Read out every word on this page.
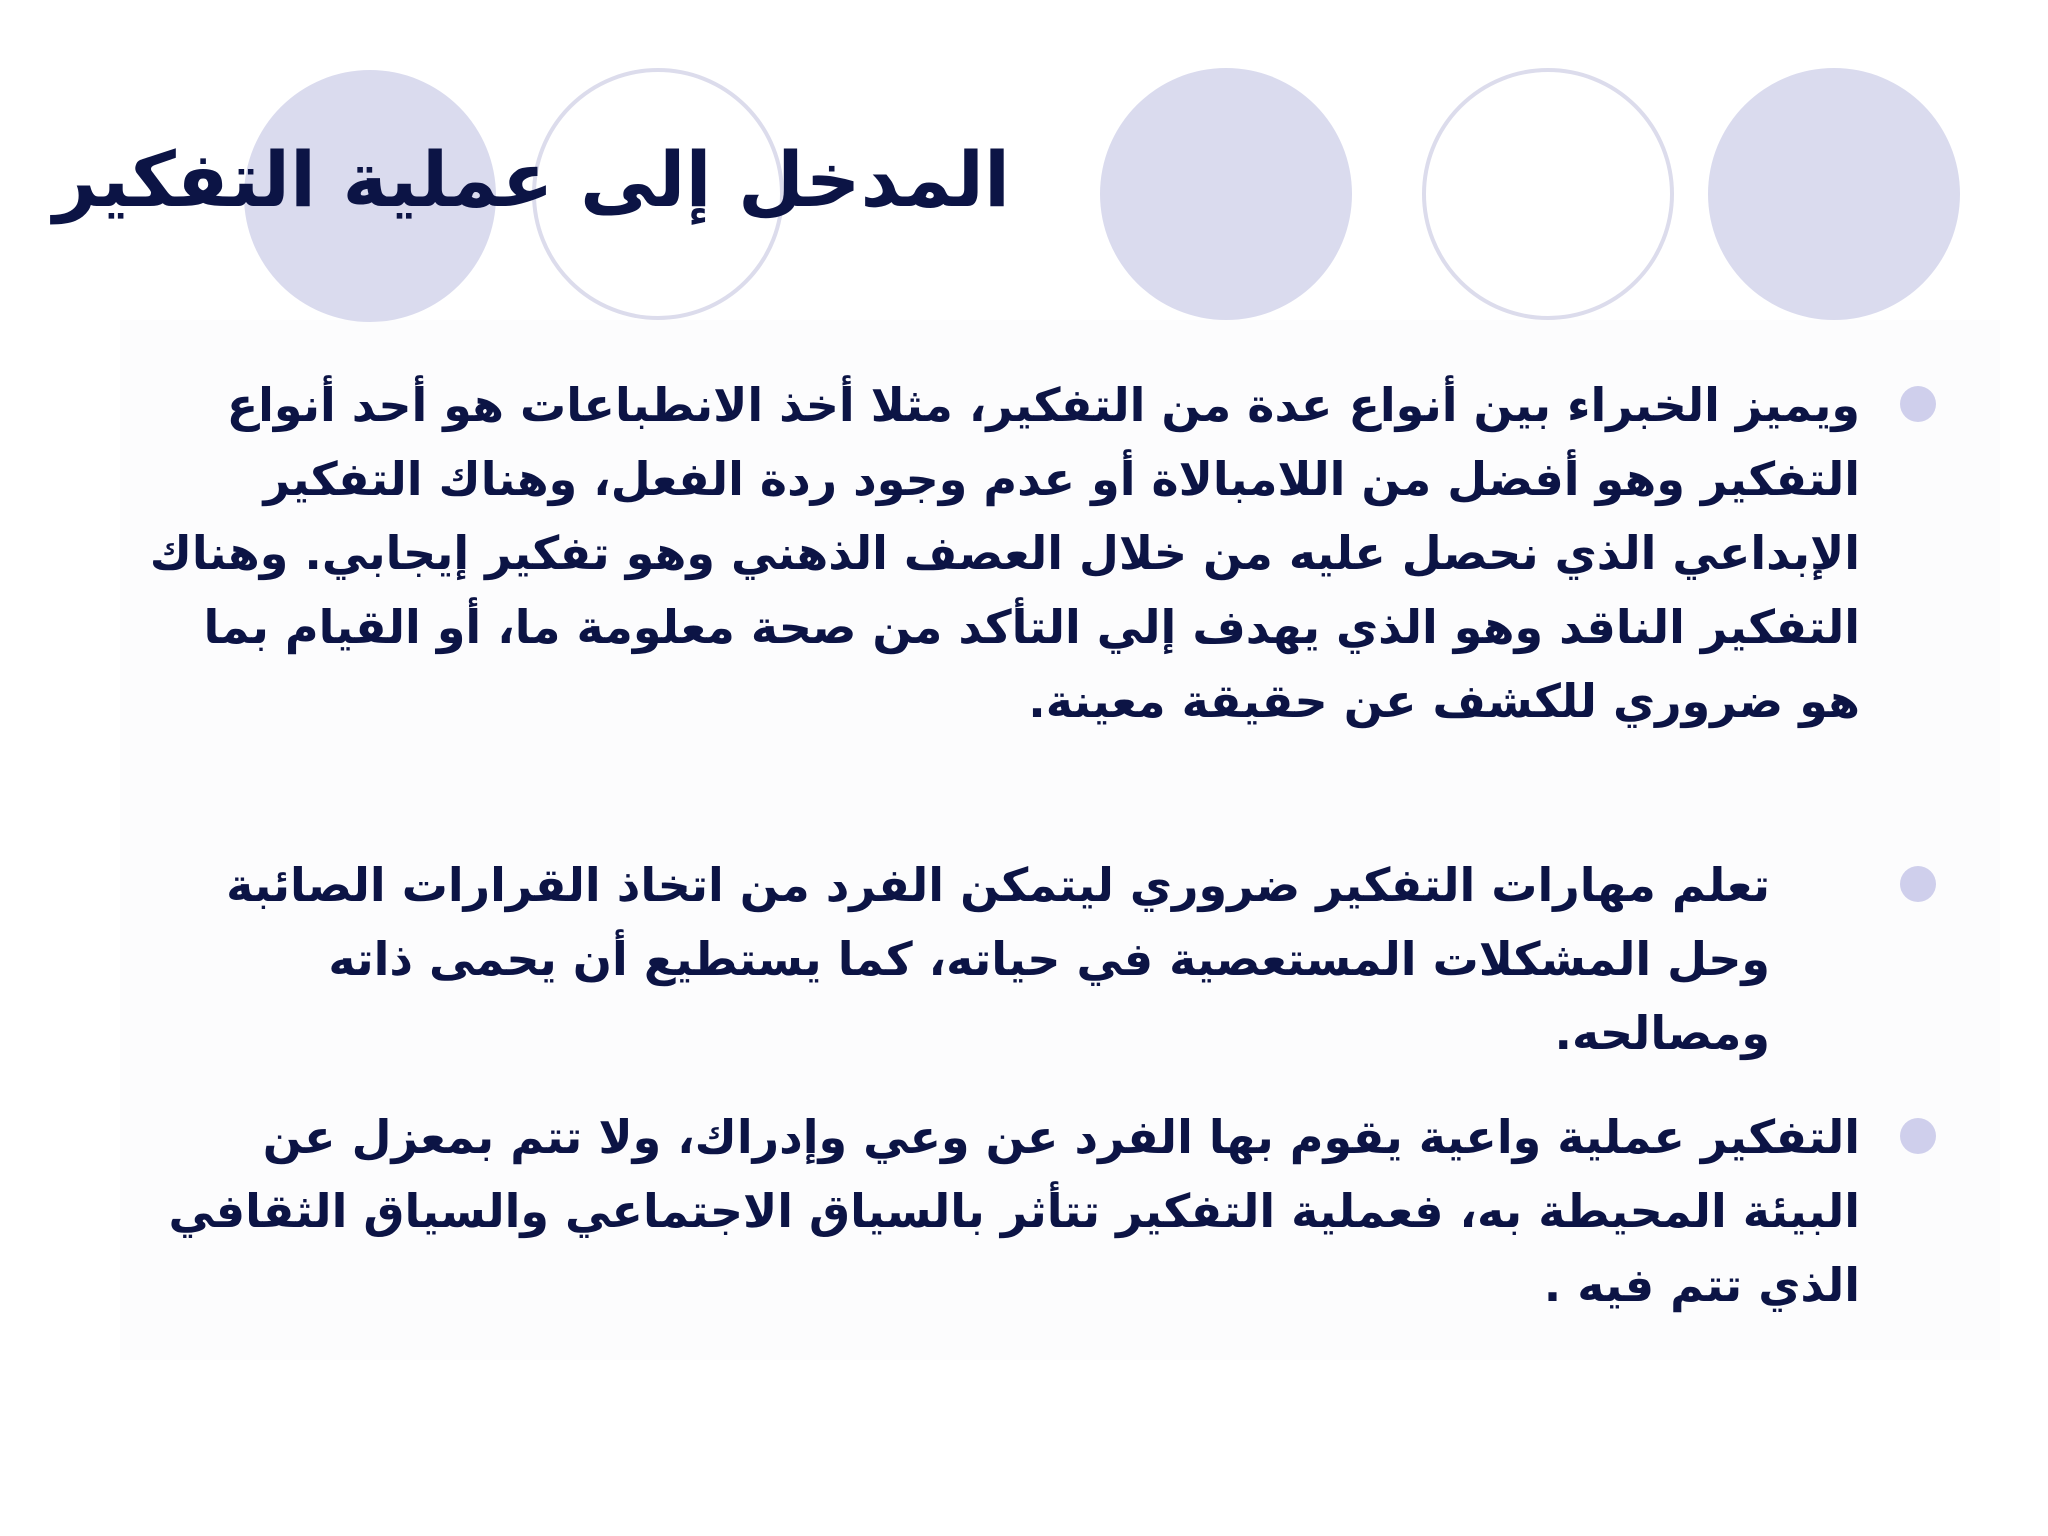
المدخل إلى عملية التفكير

ويميز الخبراء بين أنواع عدة من التفكير، مثلا أخذ الانطباعات هو أحد أنواع التفكير وهو أفضل من اللامبالاة أو عدم وجود ردة الفعل، وهناك التفكير الإبداعي الذي نحصل عليه من خلال العصف الذهني وهو تفكير إيجابي. وهناك التفكير الناقد وهو الذي يهدف إلي التأكد من صحة معلومة ما، أو القيام بما هو ضروري للكشف عن حقيقة معينة.

تعلم مهارات التفكير ضروري ليتمكن الفرد من اتخاذ القرارات الصائبة وحل المشكلات المستعصية في حياته، كما يستطيع أن يحمى ذاته ومصالحه.

التفكير عملية واعية يقوم بها الفرد عن وعي وإدراك، ولا تتم بمعزل عن البيئة المحيطة به، فعملية التفكير تتأثر بالسياق الاجتماعي والسياق الثقافي الذي تتم فيه .
